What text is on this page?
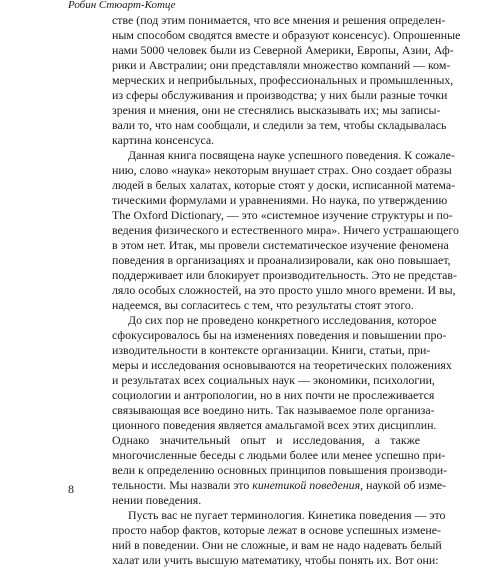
Робин Стюарт-Котце
стве (под этим понимается, что все мнения и решения определен-
ным способом сводятся вместе и образуют консенсус). Опрошенные
нами 5000 человек были из Северной Америки, Европы, Азии, Аф-
рики и Австралии; они представляли множество компаний — ком-
мерческих и неприбыльных, профессиональных и промышленных,
из сферы обслуживания и производства; у них были разные точки
зрения и мнения, они не стеснялись высказывать их; мы записы-
вали то, что нам сообщали, и следили за тем, чтобы складывалась
картина консенсуса.
Данная книга посвящена науке успешного поведения. К сожале-
нию, слово «наука» некоторым внушает страх. Оно создает образы
людей в белых халатах, которые стоят у доски, исписанной матема-
тическими формулами и уравнениями. Но наука, по утверждению
The Oxford Dictionary, — это «системное изучение структуры и по-
ведения физического и естественного мира». Ничего устрашающего
в этом нет. Итак, мы провели систематическое изучение феномена
поведения в организациях и проанализировали, как оно повышает,
поддерживает или блокирует производительность. Это не представ-
ляло особых сложностей, на это просто ушло много времени. И вы,
надеемся, вы согласитесь с тем, что результаты стоят этого.
До сих пор не проведено конкретного исследования, которое
сфокусировалось бы на изменениях поведения и повышении про-
изводительности в контексте организации. Книги, статьи, при-
меры и исследования основываются на теоретических положениях
и результатах всех социальных наук — экономики, психологии,
социологии и антропологии, но в них почти не прослеживается
связывающая все воедино нить. Так называемое поле организа-
ционного поведения является амальгамой всех этих дисциплин.
Однако значительный опыт и исследования, а также
многочисленные беседы с людьми более или менее успешно при-
вели к определению основных принципов повышения производи-
тельности. Мы назвали это кинетикой поведения, наукой об изме-
нении поведения.
Пусть вас не пугает терминология. Кинетика поведения — это
просто набор фактов, которые лежат в основе успешных измене-
ний в поведении. Они не сложные, и вам не надо надевать белый
халат или учить высшую математику, чтобы понять их. Вот они:
8
